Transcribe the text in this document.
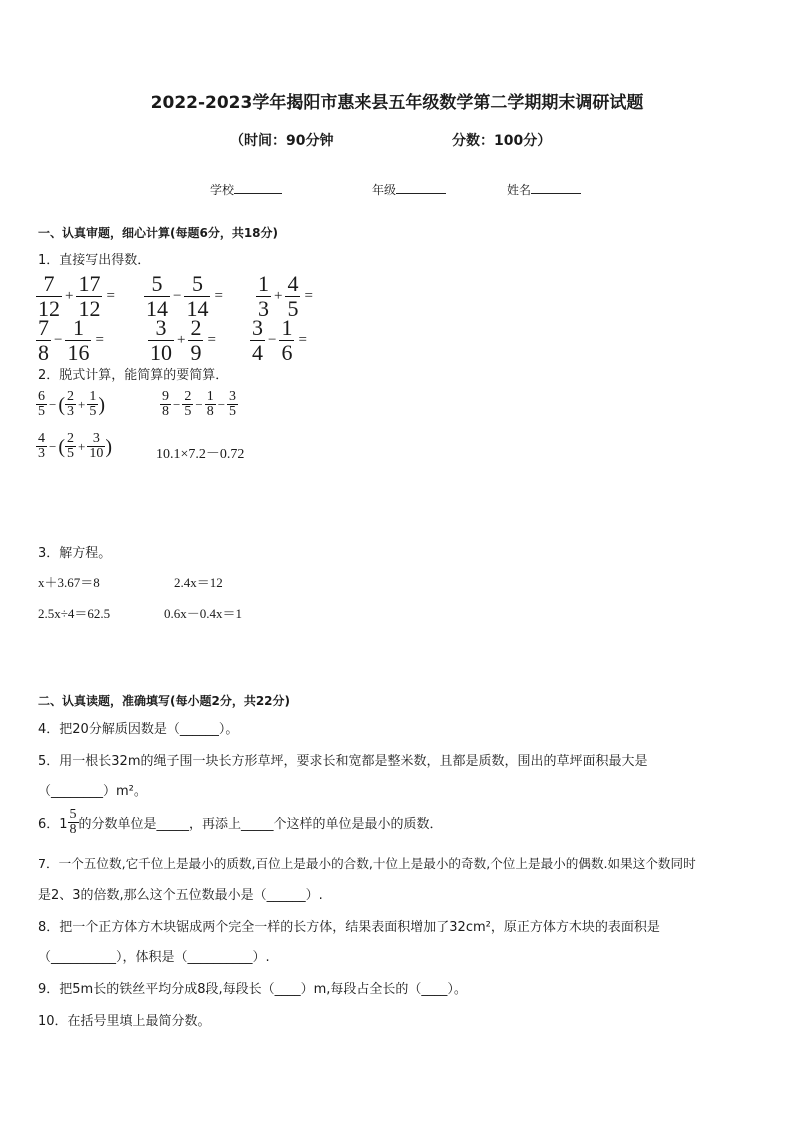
2022-2023学年揭阳市惠来县五年级数学第二学期期末调研试题
（时间：90分钟	分数：100分）
学校	年级	姓名
一、认真审题，细心计算(每题6分，共18分)
1．直接写出得数．
$\frac{7}{12} + \frac{17}{12} = \frac{5}{14} - \frac{5}{14} = \frac{1}{3} + \frac{4}{5}$ =
$\frac{7}{8} - \frac{1}{16} = \frac{3}{10} + \frac{2}{9} = \frac{3}{4} - \frac{1}{6}$ =
2．脱式计算，能简算的要简算．
$\frac{6}{5}$ − ( $\frac{2}{3} + \frac{1}{5}$ )	$\frac{9}{8} - \frac{2}{5} - \frac{1}{8} - \frac{3}{5}$
$\frac{4}{3}$ − ( $\frac{2}{5} + \frac{3}{10}$ )	10.1×7.2－0.72
3．解方程。
x＋3.67＝8	2.4x＝12
2.5x÷4＝62.5	0.6x－0.4x＝1
二、认真读题，准确填写(每小题2分，共22分)
4．把20分解质因数是（______）。
5．用一根长32m的绳子围一块长方形草坪，要求长和宽都是整米数，且都是质数，围出的草坪面积最大是
（________）m²。
6．$1 \frac{5}{8}$ 的分数单位是_____，再添上_____个这样的单位是最小的质数．
7．一个五位数,它千位上是最小的质数,百位上是最小的合数,十位上是最小的奇数,个位上是最小的偶数.如果这个数同时
是2、3的倍数,那么这个五位数最小是（______）.
8．把一个正方体方木块锯成两个完全一样的长方体，结果表面积增加了32cm²，原正方体方木块的表面积是
（__________），体积是（__________）.
9．把5m长的铁丝平均分成8段,每段长（____）m,每段占全长的（____）。
10．在括号里填上最简分数。
